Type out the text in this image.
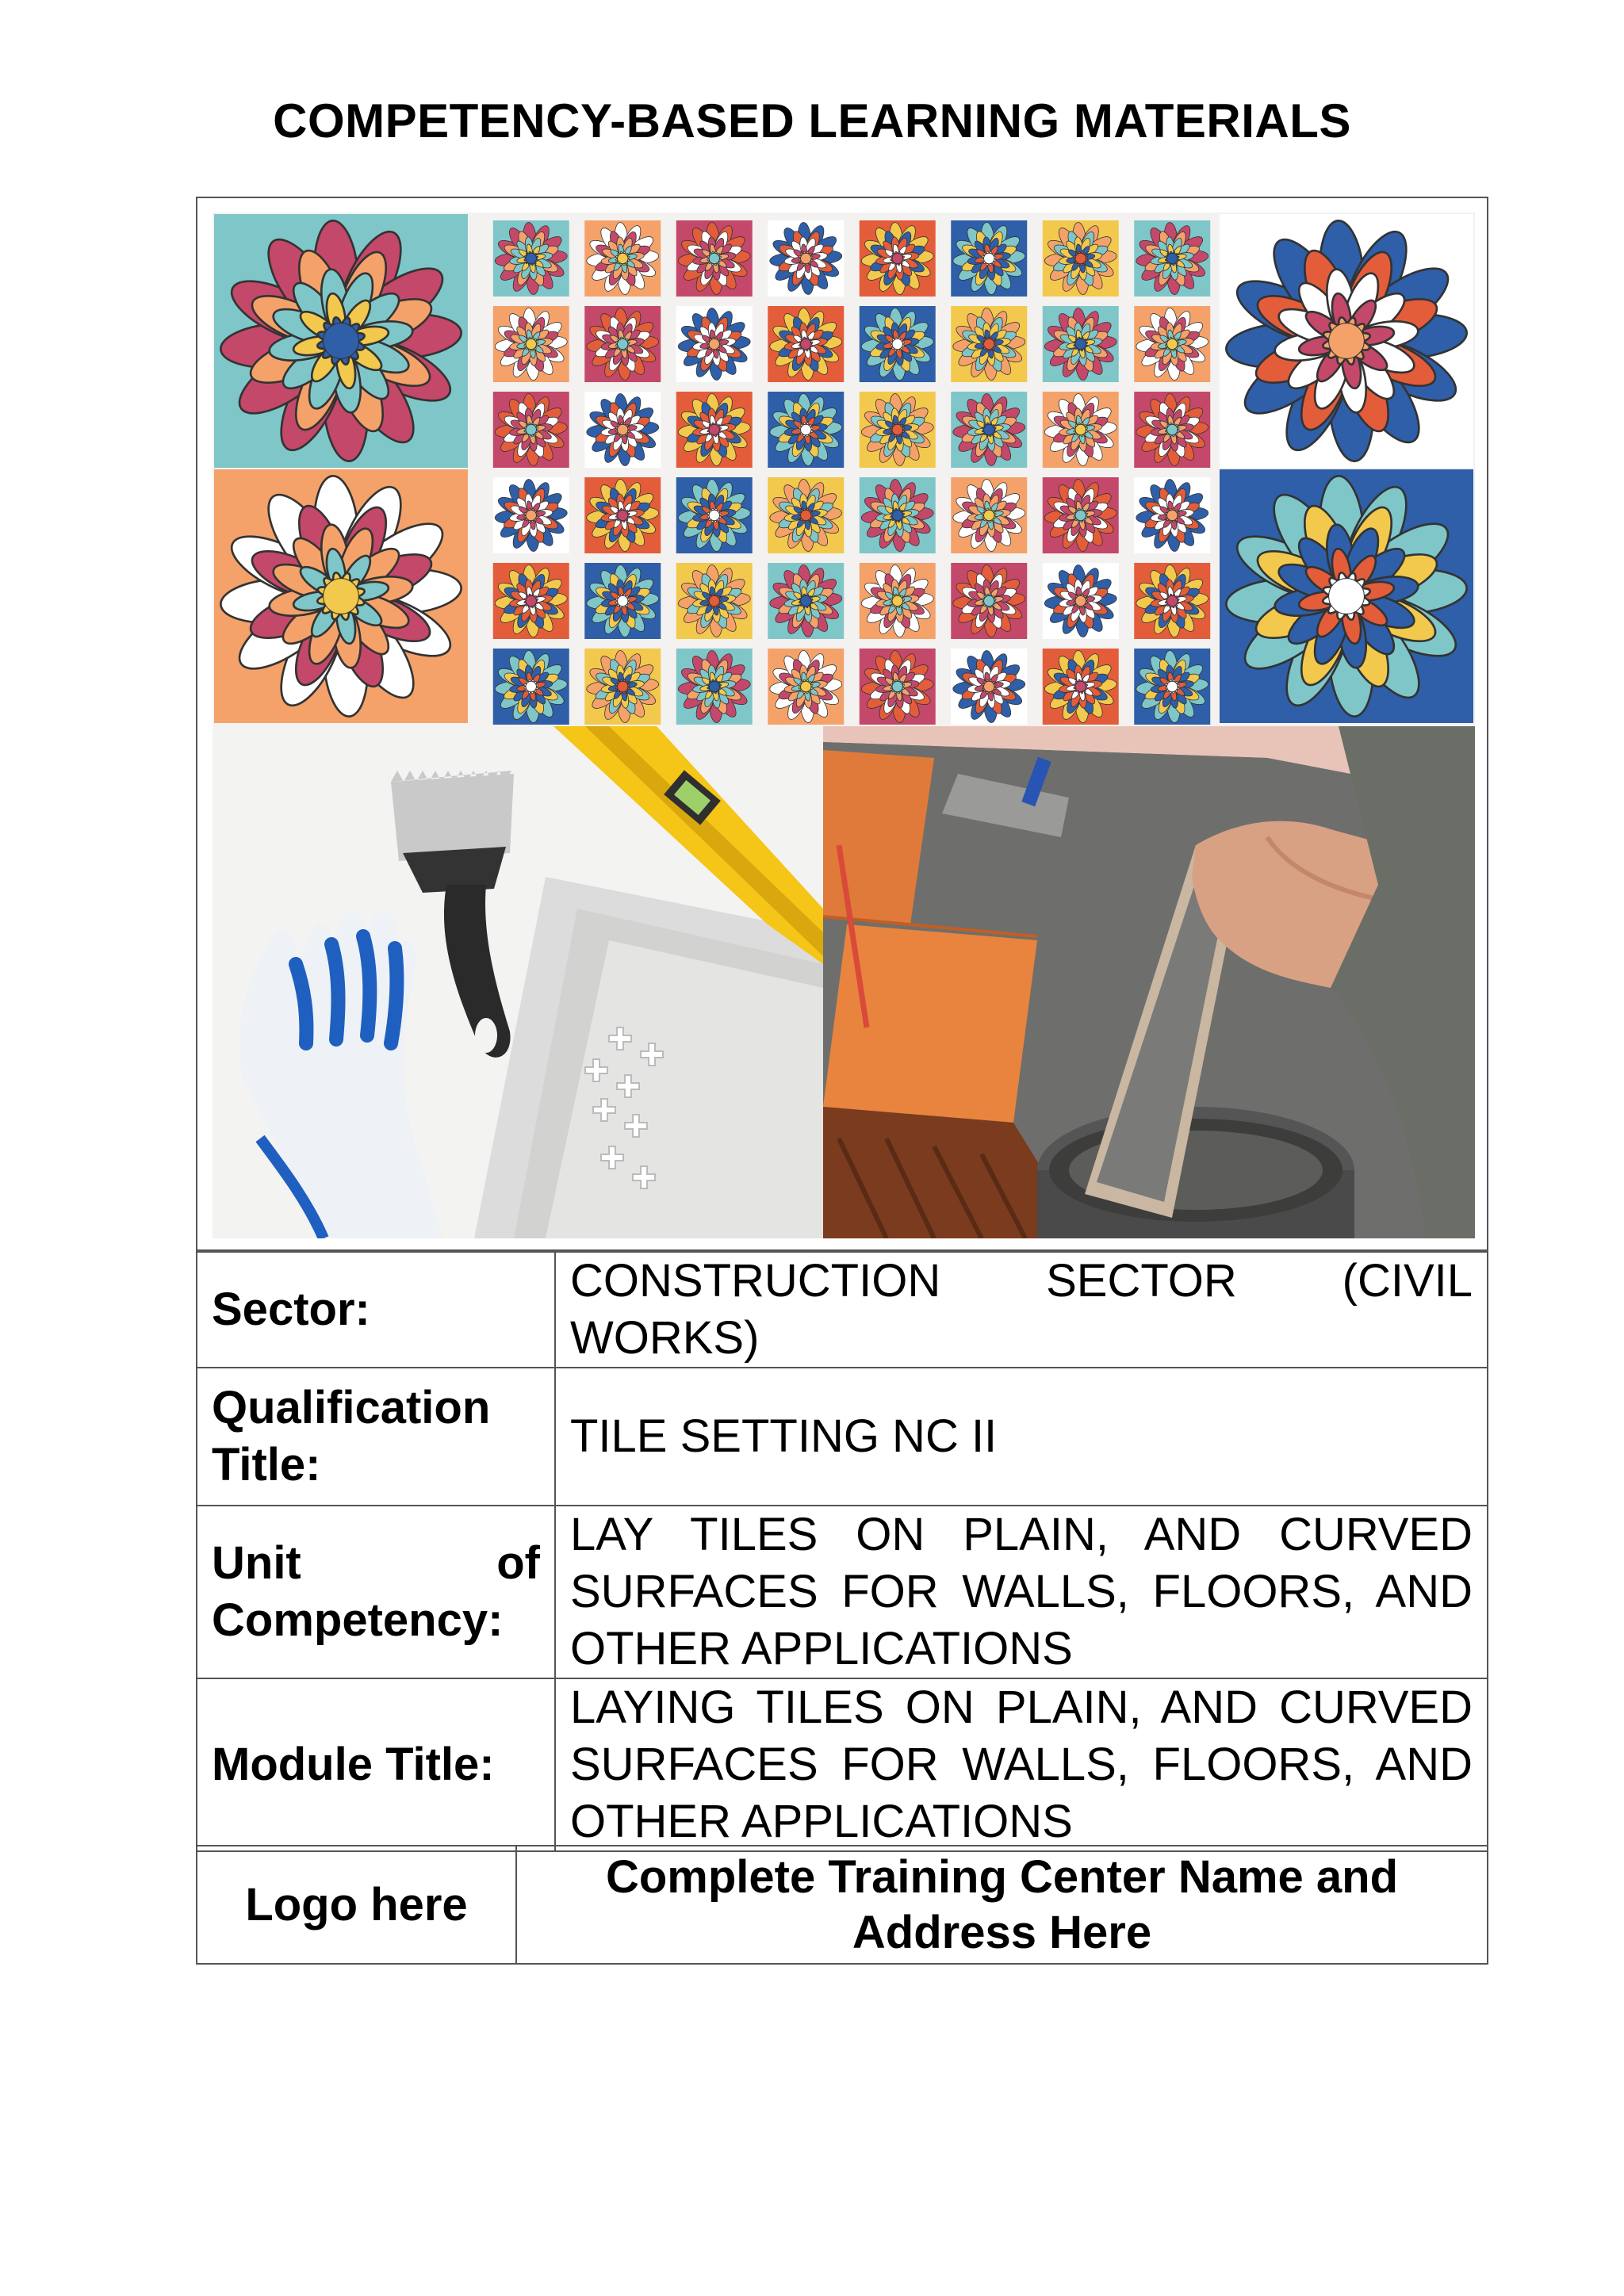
COMPETENCY-BASED LEARNING MATERIALS
Sector:	CONSTRUCTION SECTOR (CIVIL WORKS)
Qualification Title:	TILE SETTING NC II

Unit of
Competency:	LAY TILES ON PLAIN, AND CURVED SURFACES FOR WALLS, FLOORS, AND OTHER APPLICATIONS
Module Title:	LAYING TILES ON PLAIN, AND CURVED SURFACES FOR WALLS, FLOORS, AND OTHER APPLICATIONS
Logo here	Complete Training Center Name and Address Here
